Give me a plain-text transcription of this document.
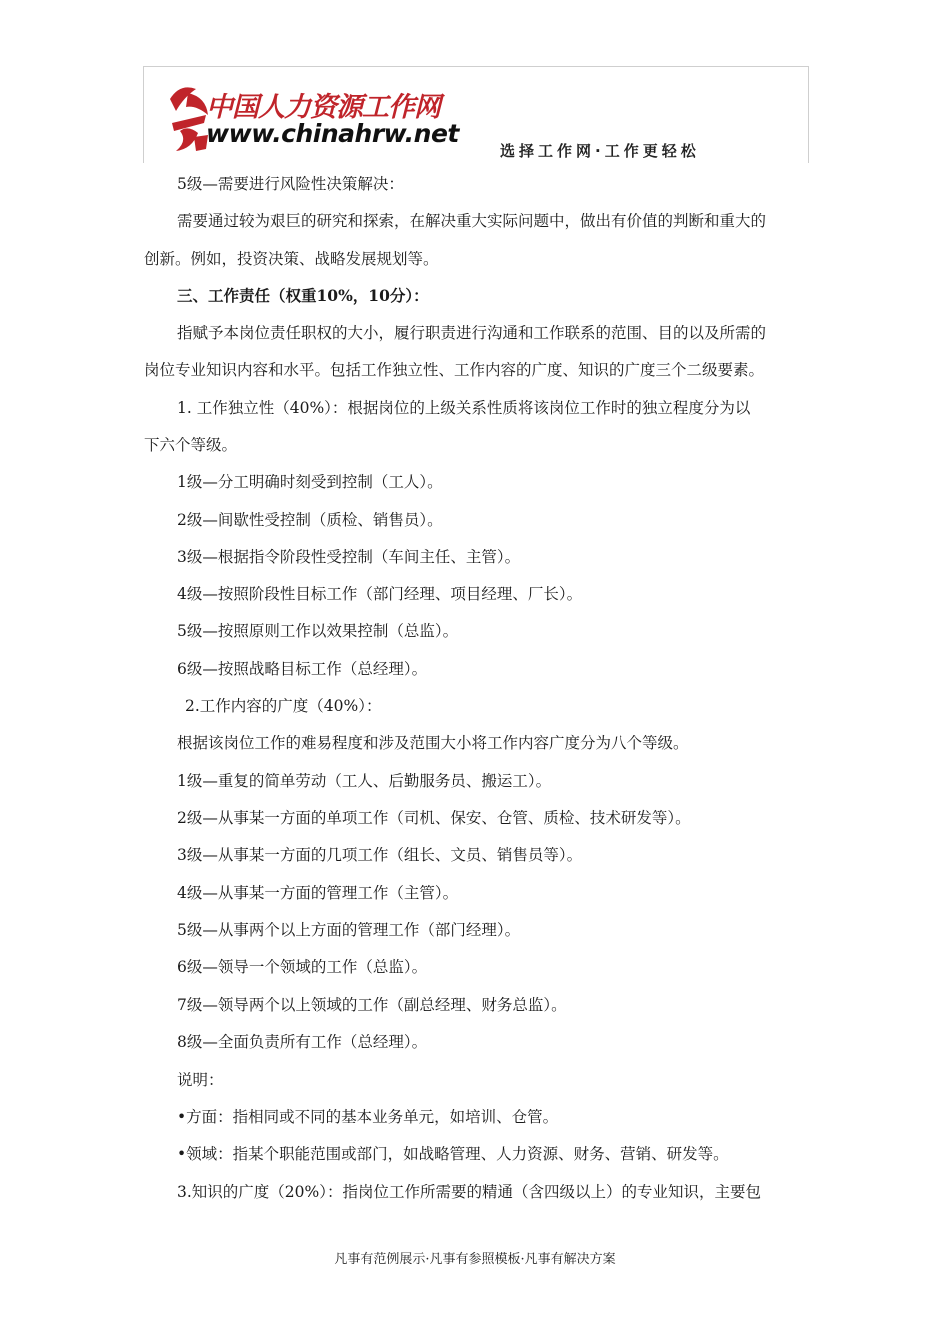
中国人力资源工作网
www.chinahrw.net
选择工作网·工作更轻松
5级—需要进行风险性决策解决：
需要通过较为艰巨的研究和探索，在解决重大实际问题中，做出有价值的判断和重大的
创新。例如，投资决策、战略发展规划等。
三、工作责任（权重10%，10分）：
指赋予本岗位责任职权的大小，履行职责进行沟通和工作联系的范围、目的以及所需的
岗位专业知识内容和水平。包括工作独立性、工作内容的广度、知识的广度三个二级要素。
1. 工作独立性（40%）：根据岗位的上级关系性质将该岗位工作时的独立程度分为以
下六个等级。
1级—分工明确时刻受到控制（工人）。
2级—间歇性受控制（质检、销售员）。
3级—根据指令阶段性受控制（车间主任、主管）。
4级—按照阶段性目标工作（部门经理、项目经理、厂长）。
5级—按照原则工作以效果控制（总监）。
6级—按照战略目标工作（总经理）。
2.工作内容的广度（40%）：
根据该岗位工作的难易程度和涉及范围大小将工作内容广度分为八个等级。
1级—重复的简单劳动（工人、后勤服务员、搬运工）。
2级—从事某一方面的单项工作（司机、保安、仓管、质检、技术研发等）。
3级—从事某一方面的几项工作（组长、文员、销售员等）。
4级—从事某一方面的管理工作（主管）。
5级—从事两个以上方面的管理工作（部门经理）。
6级—领导一个领域的工作（总监）。
7级—领导两个以上领域的工作（副总经理、财务总监）。
8级—全面负责所有工作（总经理）。
说明：
•方面：指相同或不同的基本业务单元，如培训、仓管。
•领域：指某个职能范围或部门，如战略管理、人力资源、财务、营销、研发等。
3.知识的广度（20%）：指岗位工作所需要的精通（含四级以上）的专业知识，主要包
凡事有范例展示·凡事有参照模板·凡事有解决方案
